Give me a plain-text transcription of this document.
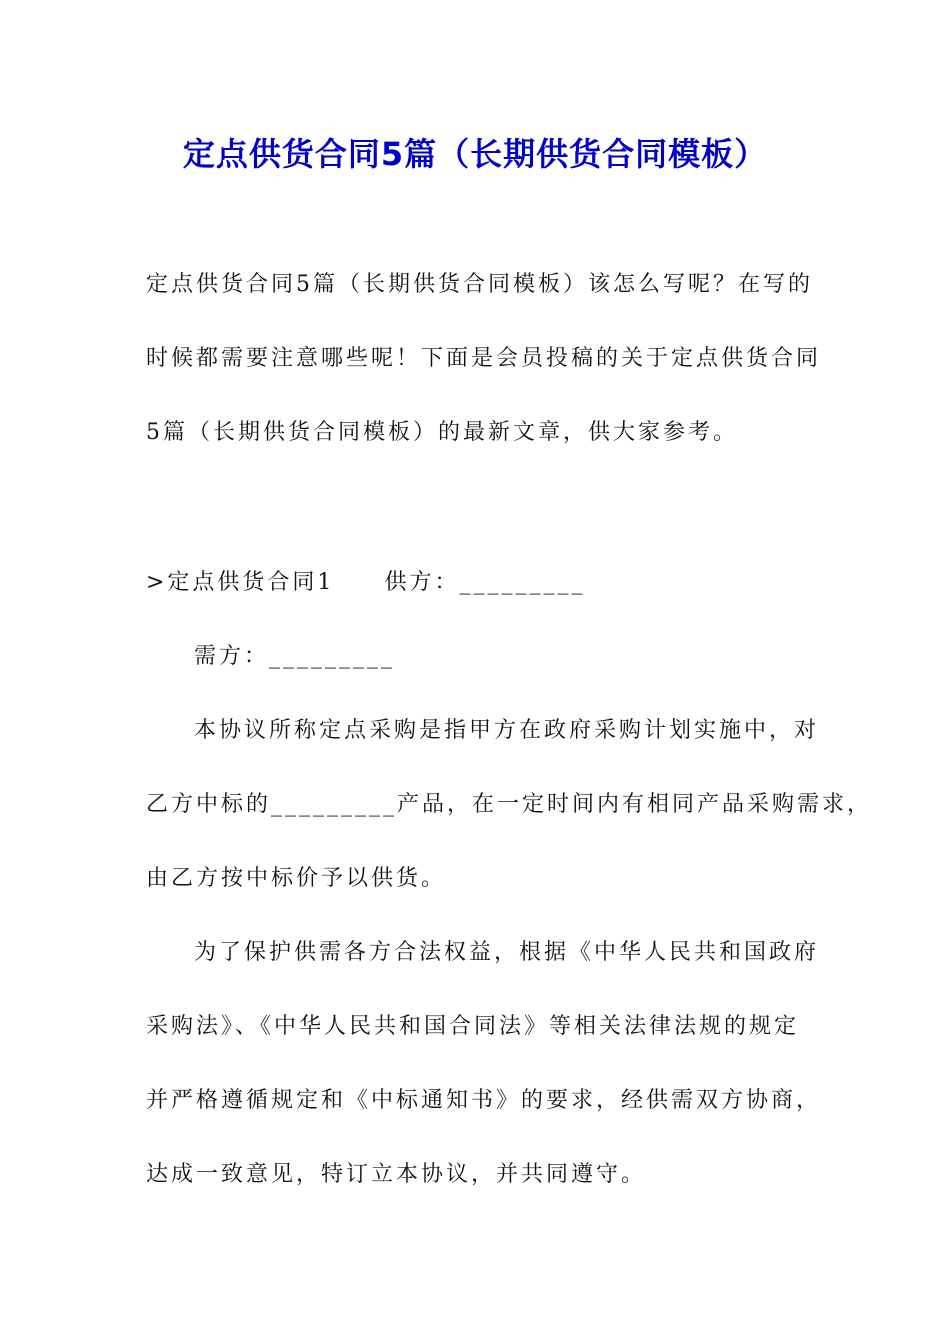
定点供货合同5篇（长期供货合同模板）
定点供货合同5篇（长期供货合同模板）该怎么写呢？在写的
时候都需要注意哪些呢！下面是会员投稿的关于定点供货合同
5篇（长期供货合同模板）的最新文章，供大家参考。
>定点供货合同1 供方：_________
需方：_________
本协议所称定点采购是指甲方在政府采购计划实施中，对
乙方中标的_________产品，在一定时间内有相同产品采购需求，
由乙方按中标价予以供货。
为了保护供需各方合法权益，根据《中华人民共和国政府
采购法》、《中华人民共和国合同法》等相关法律法规的规定
并严格遵循规定和《中标通知书》的要求，经供需双方协商，
达成一致意见，特订立本协议，并共同遵守。
